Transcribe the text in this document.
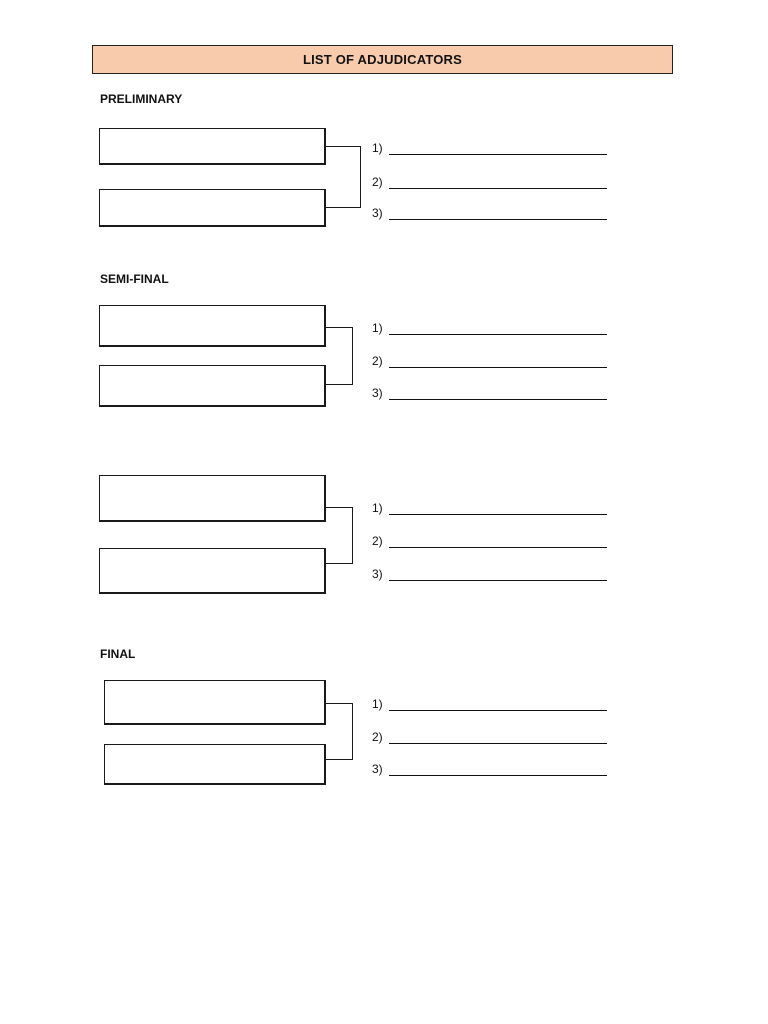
LIST OF ADJUDICATORS
PRELIMINARY
1)
2)
3)
SEMI-FINAL
1)
2)
3)
1)
2)
3)
FINAL
1)
2)
3)
